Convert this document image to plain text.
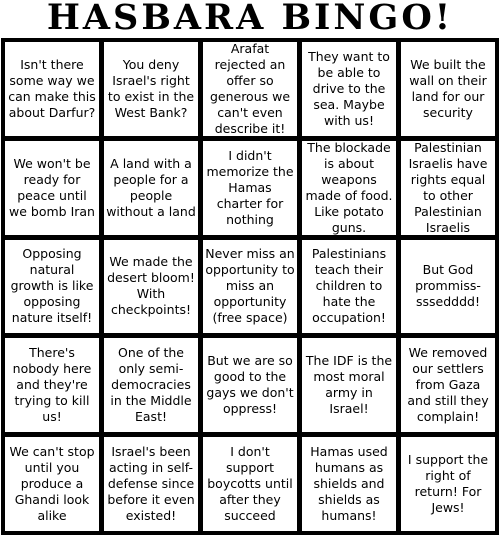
HASBARA BINGO!
Isn't there some way we can make this about Darfur?
You deny Israel's right to exist in the West Bank?
Arafat rejected an offer so generous we can't even describe it!
They want to be able to drive to the sea. Maybe with us!
We built the wall on their land for our security
We won't be ready for peace until we bomb Iran
A land with a people for a people without a land
I didn't memorize the Hamas charter for nothing
The blockade is about weapons made of food. Like potato guns.
Palestinian Israelis have rights equal to other Palestinian Israelis
Opposing natural growth is like opposing nature itself!
We made the desert bloom! With checkpoints!
Never miss an opportunity to miss an opportunity (free space)
Palestinians teach their children to hate the occupation!
But God prommiss-sssedddd!
There's nobody here and they're trying to kill us!
One of the only semi-democracies in the Middle East!
But we are so good to the gays we don't oppress!
The IDF is the most moral army in Israel!
We removed our settlers from Gaza and still they complain!
We can't stop until you produce a Ghandi look alike
Israel's been acting in self-defense since before it even existed!
I don't support boycotts until after they succeed
Hamas used humans as shields and shields as humans!
I support the right of return! For Jews!
